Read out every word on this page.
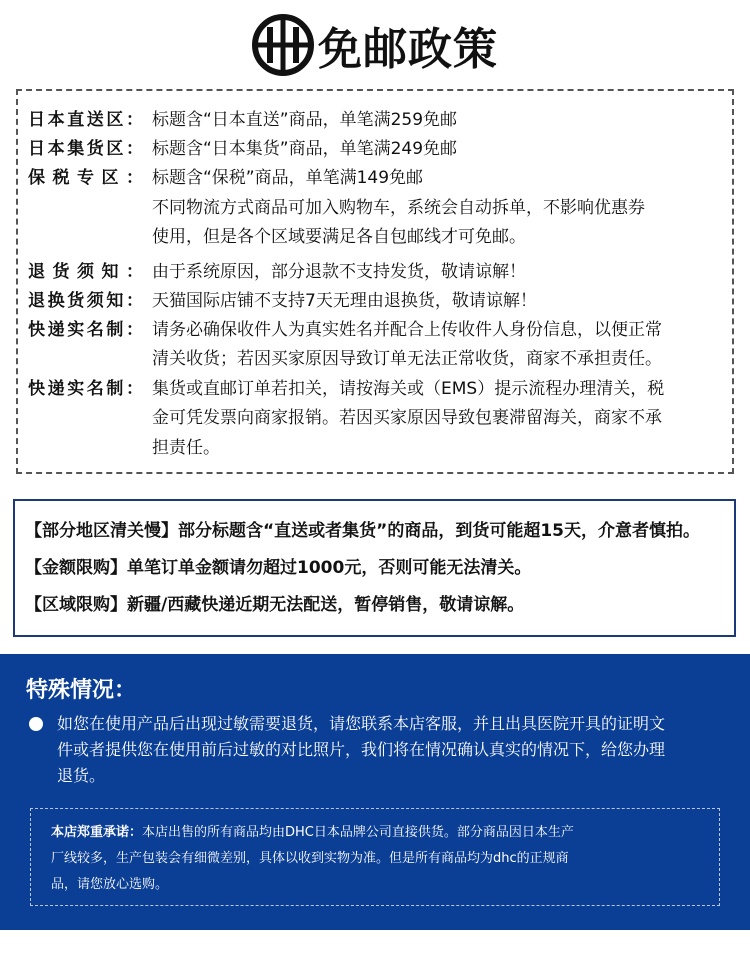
免邮政策
日本直送区： 标题含“日本直送”商品，单笔满259免邮
日本集货区： 标题含“日本集货”商品，单笔满249免邮
保税专区： 标题含“保税”商品，单笔满149免邮
不同物流方式商品可加入购物车，系统会自动拆单，不影响优惠券
使用，但是各个区域要满足各自包邮线才可免邮。
退货须知： 由于系统原因，部分退款不支持发货，敬请谅解！
退换货须知： 天猫国际店铺不支持7天无理由退换货，敬请谅解！
快递实名制： 请务必确保收件人为真实姓名并配合上传收件人身份信息，以便正常
清关收货；若因买家原因导致订单无法正常收货，商家不承担责任。
快递实名制： 集货或直邮订单若扣关，请按海关或（EMS）提示流程办理清关，税
金可凭发票向商家报销。若因买家原因导致包裹滞留海关，商家不承
担责任。
【部分地区清关慢】部分标题含“直送或者集货”的商品，到货可能超15天，介意者慎拍。
【金额限购】单笔订单金额请勿超过1000元，否则可能无法清关。
【区域限购】新疆/西藏快递近期无法配送，暂停销售，敬请谅解。
特殊情况：
如您在使用产品后出现过敏需要退货，请您联系本店客服，并且出具医院开具的证明文
件或者提供您在使用前后过敏的对比照片，我们将在情况确认真实的情况下，给您办理
退货。
本店郑重承诺：本店出售的所有商品均由DHC日本品牌公司直接供货。部分商品因日本生产
厂线较多，生产包装会有细微差别，具体以收到实物为准。但是所有商品均为dhc的正规商
品，请您放心选购。
